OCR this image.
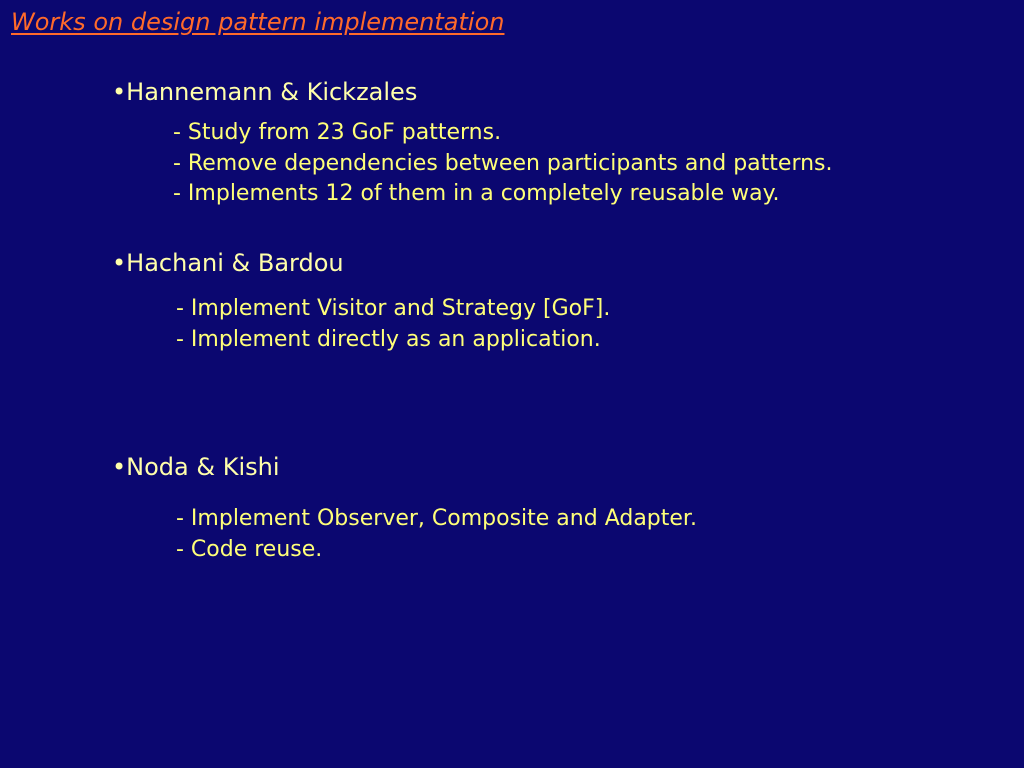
Works on design pattern implementation
•Hannemann & Kickzales
- Study from 23 GoF patterns.
- Remove dependencies between participants and patterns.
- Implements 12 of them in a completely reusable way.
•Hachani & Bardou
- Implement Visitor and Strategy [GoF].
- Implement directly as an application.
•Noda & Kishi
- Implement Observer, Composite and Adapter.
- Code reuse.
